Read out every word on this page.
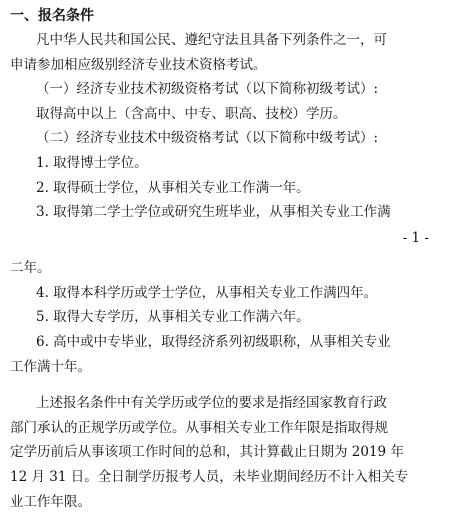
一、报名条件
凡中华人民共和国公民、遵纪守法且具备下列条件之一，可
申请参加相应级别经济专业技术资格考试。
（一）经济专业技术初级资格考试（以下简称初级考试）:
取得高中以上（含高中、中专、职高、技校）学历。
（二）经济专业技术中级资格考试（以下简称中级考试）:
1. 取得博士学位。
2. 取得硕士学位，从事相关专业工作满一年。
3. 取得第二学士学位或研究生班毕业，从事相关专业工作满
- 1 -
二年。
4. 取得本科学历或学士学位，从事相关专业工作满四年。
5. 取得大专学历，从事相关专业工作满六年。
6. 高中或中专毕业，取得经济系列初级职称，从事相关专业
工作满十年。
上述报名条件中有关学历或学位的要求是指经国家教育行政
部门承认的正规学历或学位。从事相关专业工作年限是指取得规
定学历前后从事该项工作时间的总和，其计算截止日期为 2019 年
12 月 31 日。全日制学历报考人员，未毕业期间经历不计入相关专
业工作年限。
